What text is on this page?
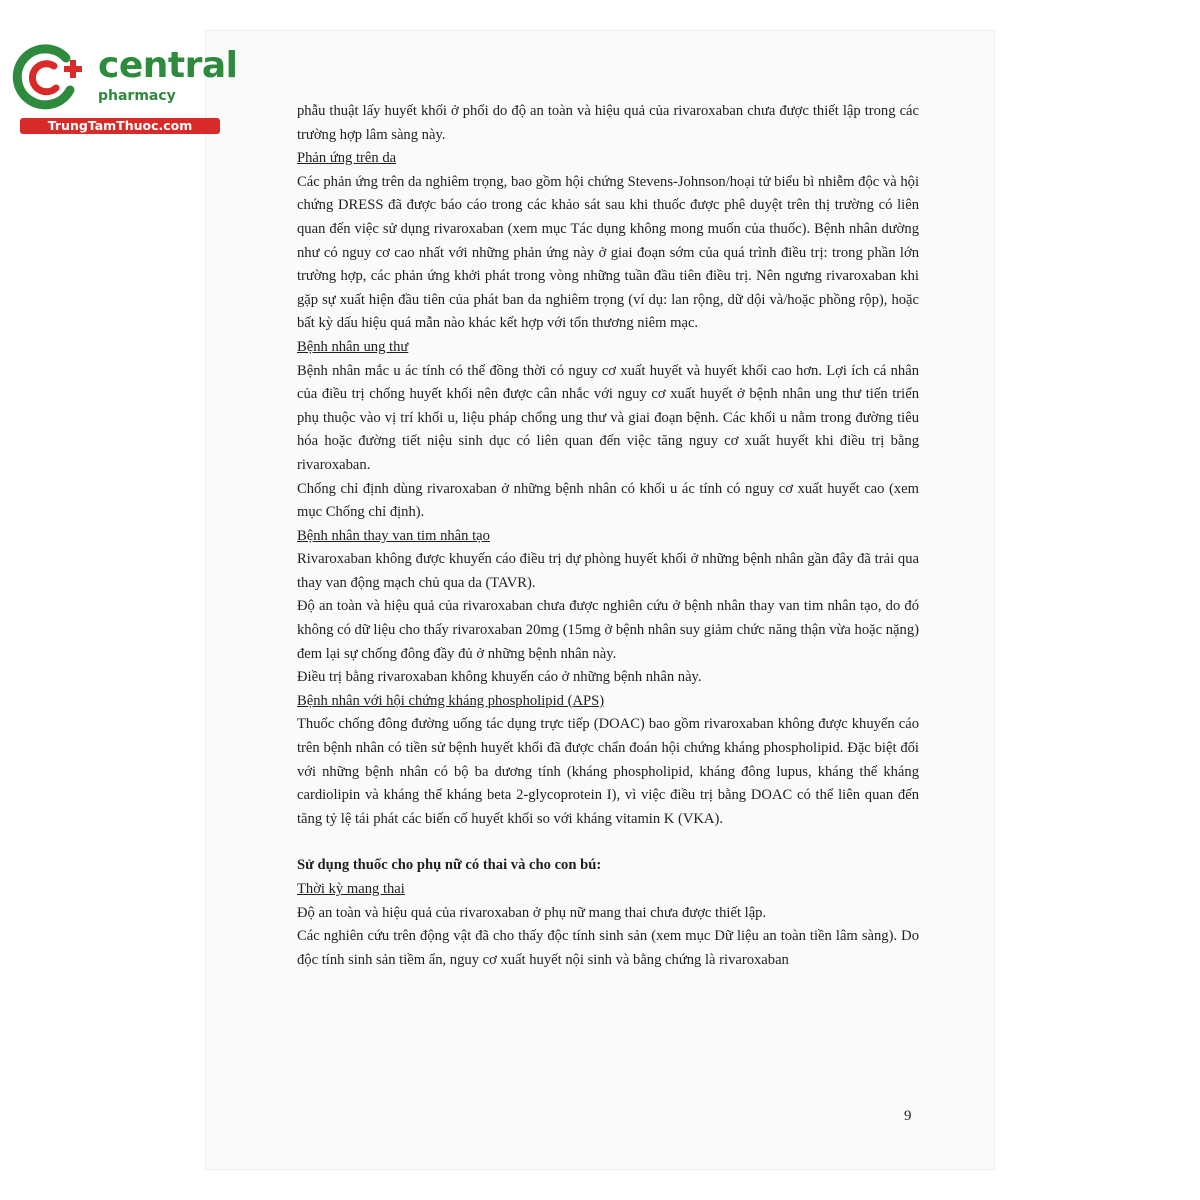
central
pharmacy
TrungTamThuoc.com

phẫu thuật lấy huyết khối ở phổi do độ an toàn và hiệu quả của rivaroxaban chưa được thiết lập trong các trường hợp lâm sàng này.

Phản ứng trên da

Các phản ứng trên da nghiêm trọng, bao gồm hội chứng Stevens-Johnson/hoại tử biểu bì nhiễm độc và hội chứng DRESS đã được báo cáo trong các khảo sát sau khi thuốc được phê duyệt trên thị trường có liên quan đến việc sử dụng rivaroxaban (xem mục Tác dụng không mong muốn của thuốc). Bệnh nhân dường như có nguy cơ cao nhất với những phản ứng này ở giai đoạn sớm của quá trình điều trị: trong phần lớn trường hợp, các phản ứng khởi phát trong vòng những tuần đầu tiên điều trị. Nên ngưng rivaroxaban khi gặp sự xuất hiện đầu tiên của phát ban da nghiêm trọng (ví dụ: lan rộng, dữ dội và/hoặc phồng rộp), hoặc bất kỳ dấu hiệu quá mẫn nào khác kết hợp với tổn thương niêm mạc.

Bệnh nhân ung thư

Bệnh nhân mắc u ác tính có thể đồng thời có nguy cơ xuất huyết và huyết khối cao hơn. Lợi ích cá nhân của điều trị chống huyết khối nên được cân nhắc với nguy cơ xuất huyết ở bệnh nhân ung thư tiến triển phụ thuộc vào vị trí khối u, liệu pháp chống ung thư và giai đoạn bệnh. Các khối u nằm trong đường tiêu hóa hoặc đường tiết niệu sinh dục có liên quan đến việc tăng nguy cơ xuất huyết khi điều trị bằng rivaroxaban.

Chống chỉ định dùng rivaroxaban ở những bệnh nhân có khối u ác tính có nguy cơ xuất huyết cao (xem mục Chống chỉ định).

Bệnh nhân thay van tim nhân tạo

Rivaroxaban không được khuyến cáo điều trị dự phòng huyết khối ở những bệnh nhân gần đây đã trải qua thay van động mạch chủ qua da (TAVR).

Độ an toàn và hiệu quả của rivaroxaban chưa được nghiên cứu ở bệnh nhân thay van tim nhân tạo, do đó không có dữ liệu cho thấy rivaroxaban 20mg (15mg ở bệnh nhân suy giảm chức năng thận vừa hoặc nặng) đem lại sự chống đông đầy đủ ở những bệnh nhân này.

Điều trị bằng rivaroxaban không khuyến cáo ở những bệnh nhân này.

Bệnh nhân với hội chứng kháng phospholipid (APS)

Thuốc chống đông đường uống tác dụng trực tiếp (DOAC) bao gồm rivaroxaban không được khuyến cáo trên bệnh nhân có tiền sử bệnh huyết khối đã được chẩn đoán hội chứng kháng phospholipid. Đặc biệt đối với những bệnh nhân có bộ ba dương tính (kháng phospholipid, kháng đông lupus, kháng thể kháng cardiolipin và kháng thể kháng beta 2-glycoprotein I), vì việc điều trị bằng DOAC có thể liên quan đến tăng tỷ lệ tái phát các biến cố huyết khối so với kháng vitamin K (VKA).

Sử dụng thuốc cho phụ nữ có thai và cho con bú:

Thời kỳ mang thai

Độ an toàn và hiệu quả của rivaroxaban ở phụ nữ mang thai chưa được thiết lập.

Các nghiên cứu trên động vật đã cho thấy độc tính sinh sản (xem mục Dữ liệu an toàn tiền lâm sàng). Do độc tính sinh sản tiềm ẩn, nguy cơ xuất huyết nội sinh và bằng chứng là rivaroxaban

9
